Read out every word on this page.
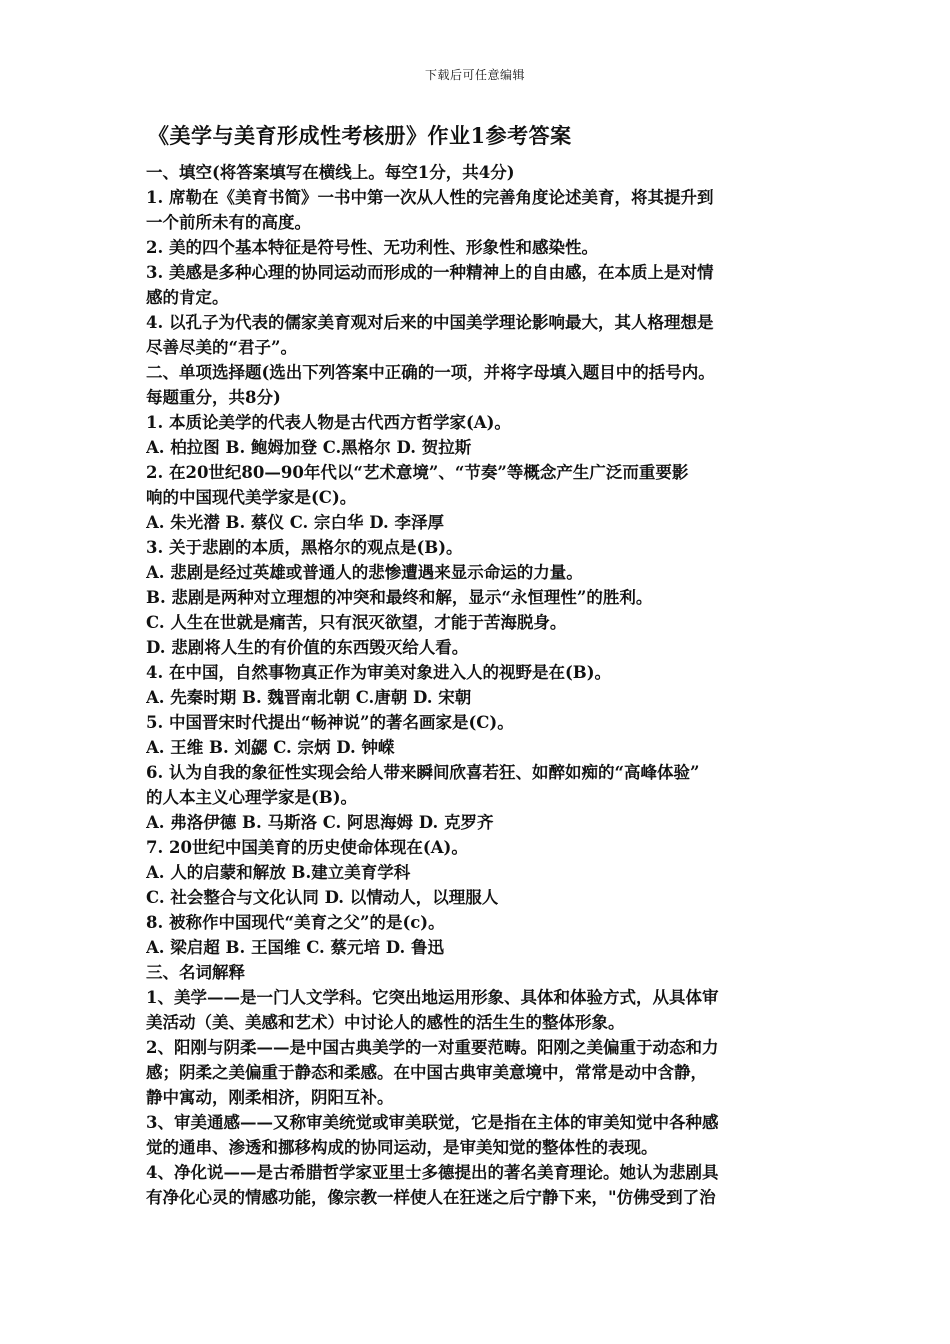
下载后可任意编辑
《美学与美育形成性考核册》作业1参考答案
一、填空(将答案填写在横线上。每空1分，共4分)
1. 席勒在《美育书简》一书中第一次从人性的完善角度论述美育，将其提升到
一个前所未有的高度。
2. 美的四个基本特征是符号性、无功利性、形象性和感染性。
3. 美感是多种心理的协同运动而形成的一种精神上的自由感，在本质上是对情
感的肯定。
4. 以孔子为代表的儒家美育观对后来的中国美学理论影响最大，其人格理想是
尽善尽美的“君子”。
二、单项选择题(选出下列答案中正确的一项，并将字母填入题目中的括号内。
每题重分，共8分)
1. 本质论美学的代表人物是古代西方哲学家(A)。
A. 柏拉图 B. 鲍姆加登 C.黑格尔 D. 贺拉斯
2. 在20世纪80—90年代以“艺术意境”、“节奏”等概念产生广泛而重要影
响的中国现代美学家是(C)。
A. 朱光潜 B. 蔡仪 C. 宗白华 D. 李泽厚
3. 关于悲剧的本质，黑格尔的观点是(B)。
A. 悲剧是经过英雄或普通人的悲惨遭遇来显示命运的力量。
B. 悲剧是两种对立理想的冲突和最终和解，显示“永恒理性”的胜利。
C. 人生在世就是痛苦，只有泯灭欲望，才能于苦海脱身。
D. 悲剧将人生的有价值的东西毁灭给人看。
4. 在中国，自然事物真正作为审美对象进入人的视野是在(B)。
A. 先秦时期 B. 魏晋南北朝 C.唐朝 D. 宋朝
5. 中国晋宋时代提出“畅神说”的著名画家是(C)。
A. 王维 B. 刘勰 C. 宗炳 D. 钟嵘
6. 认为自我的象征性实现会给人带来瞬间欣喜若狂、如醉如痴的“高峰体验”
的人本主义心理学家是(B)。
A. 弗洛伊德 B. 马斯洛 C. 阿思海姆 D. 克罗齐
7. 20世纪中国美育的历史使命体现在(A)。
A. 人的启蒙和解放 B.建立美育学科
C. 社会整合与文化认同 D. 以情动人，以理服人
8. 被称作中国现代“美育之父”的是(c)。
A. 梁启超 B. 王国维 C. 蔡元培 D. 鲁迅
三、名词解释
1、美学——是一门人文学科。它突出地运用形象、具体和体验方式，从具体审
美活动（美、美感和艺术）中讨论人的感性的活生生的整体形象。
2、阳刚与阴柔——是中国古典美学的一对重要范畴。阳刚之美偏重于动态和力
感；阴柔之美偏重于静态和柔感。在中国古典审美意境中，常常是动中含静，
静中寓动，刚柔相济，阴阳互补。
3、审美通感——又称审美统觉或审美联觉，它是指在主体的审美知觉中各种感
觉的通串、渗透和挪移构成的协同运动，是审美知觉的整体性的表现。
4、净化说——是古希腊哲学家亚里士多德提出的著名美育理论。她认为悲剧具
有净化心灵的情感功能，像宗教一样使人在狂迷之后宁静下来，"仿佛受到了治
